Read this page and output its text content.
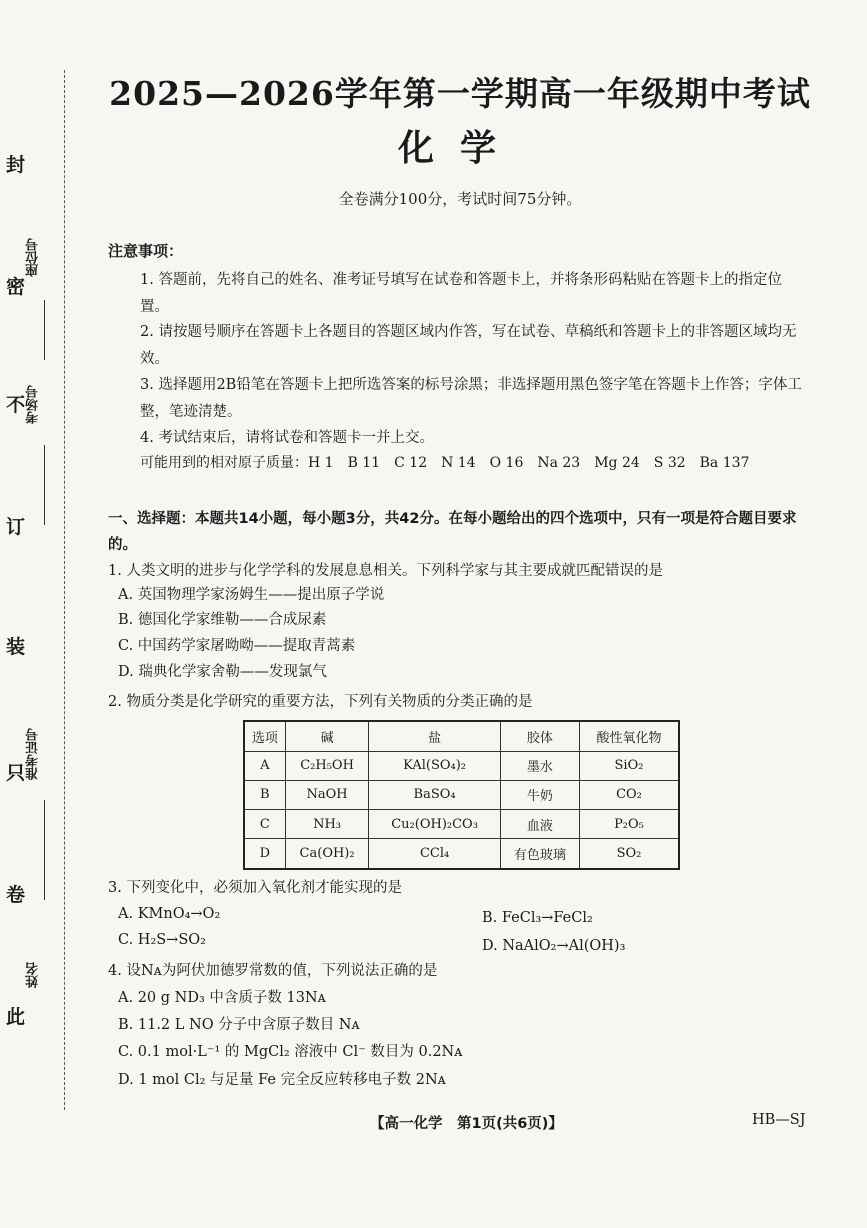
封
密
不
订
装
只
卷
此
座位号
考场号
准考证号
姓名
2025—2026学年第一学期高一年级期中考试
化学
全卷满分100分，考试时间75分钟。
注意事项：
1. 答题前，先将自己的姓名、准考证号填写在试卷和答题卡上，并将条形码粘贴在答题卡上的指定位置。
2. 请按题号顺序在答题卡上各题目的答题区域内作答，写在试卷、草稿纸和答题卡上的非答题区域均无效。
3. 选择题用2B铅笔在答题卡上把所选答案的标号涂黑；非选择题用黑色签字笔在答题卡上作答；字体工整，笔迹清楚。
4. 考试结束后，请将试卷和答题卡一并上交。
可能用到的相对原子质量：H 1　B 11　C 12　N 14　O 16　Na 23　Mg 24　S 32　Ba 137
一、选择题：本题共14小题，每小题3分，共42分。在每小题给出的四个选项中，只有一项是符合题目要求的。
1. 人类文明的进步与化学学科的发展息息相关。下列科学家与其主要成就匹配错误的是
A. 英国物理学家汤姆生——提出原子学说
B. 德国化学家维勒——合成尿素
C. 中国药学家屠呦呦——提取青蒿素
D. 瑞典化学家舍勒——发现氯气
2. 物质分类是化学研究的重要方法，下列有关物质的分类正确的是
选项	碱	盐	胶体	酸性氧化物
A	C₂H₅OH	KAl(SO₄)₂	墨水	SiO₂
B	NaOH	BaSO₄	牛奶	CO₂
C	NH₃	Cu₂(OH)₂CO₃	血液	P₂O₅
D	Ca(OH)₂	CCl₄	有色玻璃	SO₂
3. 下列变化中，必须加入氧化剂才能实现的是
A. KMnO₄→O₂	B. FeCl₃→FeCl₂
C. H₂S→SO₂	D. NaAlO₂→Al(OH)₃
4. 设Nᴀ为阿伏加德罗常数的值，下列说法正确的是
A. 20 g ND₃ 中含质子数 13Nᴀ
B. 11.2 L NO 分子中含原子数目 Nᴀ
C. 0.1 mol·L⁻¹ 的 MgCl₂ 溶液中 Cl⁻ 数目为 0.2Nᴀ
D. 1 mol Cl₂ 与足量 Fe 完全反应转移电子数 2Nᴀ
【高一化学　第1页(共6页)】	HB—SJ
